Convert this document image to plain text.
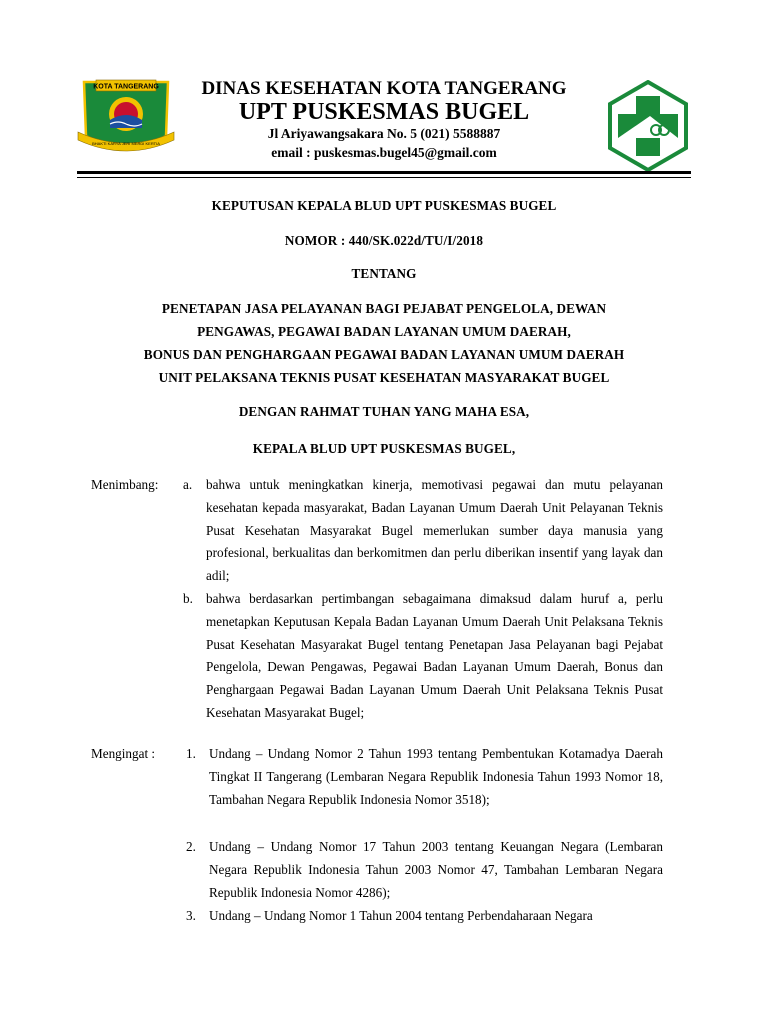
KOTA TANGERANG
BHAKTI KARYA JERI MERDI KERTIA
DINAS KESEHATAN KOTA TANGERANG
UPT PUSKESMAS BUGEL
Jl Ariyawangsakara No. 5 (021) 5588887
email : puskesmas.bugel45@gmail.com
KEPUTUSAN KEPALA BLUD UPT PUSKESMAS BUGEL
NOMOR : 440/SK.022d/TU/I/2018
TENTANG
PENETAPAN JASA PELAYANAN BAGI PEJABAT PENGELOLA, DEWAN
PENGAWAS, PEGAWAI BADAN LAYANAN UMUM DAERAH,
BONUS DAN PENGHARGAAN PEGAWAI BADAN LAYANAN UMUM DAERAH
UNIT PELAKSANA TEKNIS PUSAT KESEHATAN MASYARAKAT BUGEL
DENGAN RAHMAT TUHAN YANG MAHA ESA,
KEPALA BLUD UPT PUSKESMAS BUGEL,
Menimbang: a. bahwa untuk meningkatkan kinerja, memotivasi pegawai dan mutu pelayanan kesehatan kepada masyarakat, Badan Layanan Umum Daerah Unit Pelayanan Teknis Pusat Kesehatan Masyarakat Bugel memerlukan sumber daya manusia yang profesional, berkualitas dan berkomitmen dan perlu diberikan insentif yang layak dan adil;

b. bahwa berdasarkan pertimbangan sebagaimana dimaksud dalam huruf a, perlu menetapkan Keputusan Kepala Badan Layanan Umum Daerah Unit Pelaksana Teknis Pusat Kesehatan Masyarakat Bugel tentang Penetapan Jasa Pelayanan bagi Pejabat Pengelola, Dewan Pengawas, Pegawai Badan Layanan Umum Daerah, Bonus dan Penghargaan Pegawai Badan Layanan Umum Daerah Unit Pelaksana Teknis Pusat Kesehatan Masyarakat Bugel;

Mengingat : 1. Undang – Undang Nomor 2 Tahun 1993 tentang Pembentukan Kotamadya Daerah Tingkat II Tangerang (Lembaran Negara Republik Indonesia Tahun 1993 Nomor 18, Tambahan Negara Republik Indonesia Nomor 3518);

2. Undang – Undang Nomor 17 Tahun 2003 tentang Keuangan Negara (Lembaran Negara Republik Indonesia Tahun 2003 Nomor 47, Tambahan Lembaran Negara Republik Indonesia Nomor 4286);

3. Undang – Undang Nomor 1 Tahun 2004 tentang Perbendaharaan Negara
